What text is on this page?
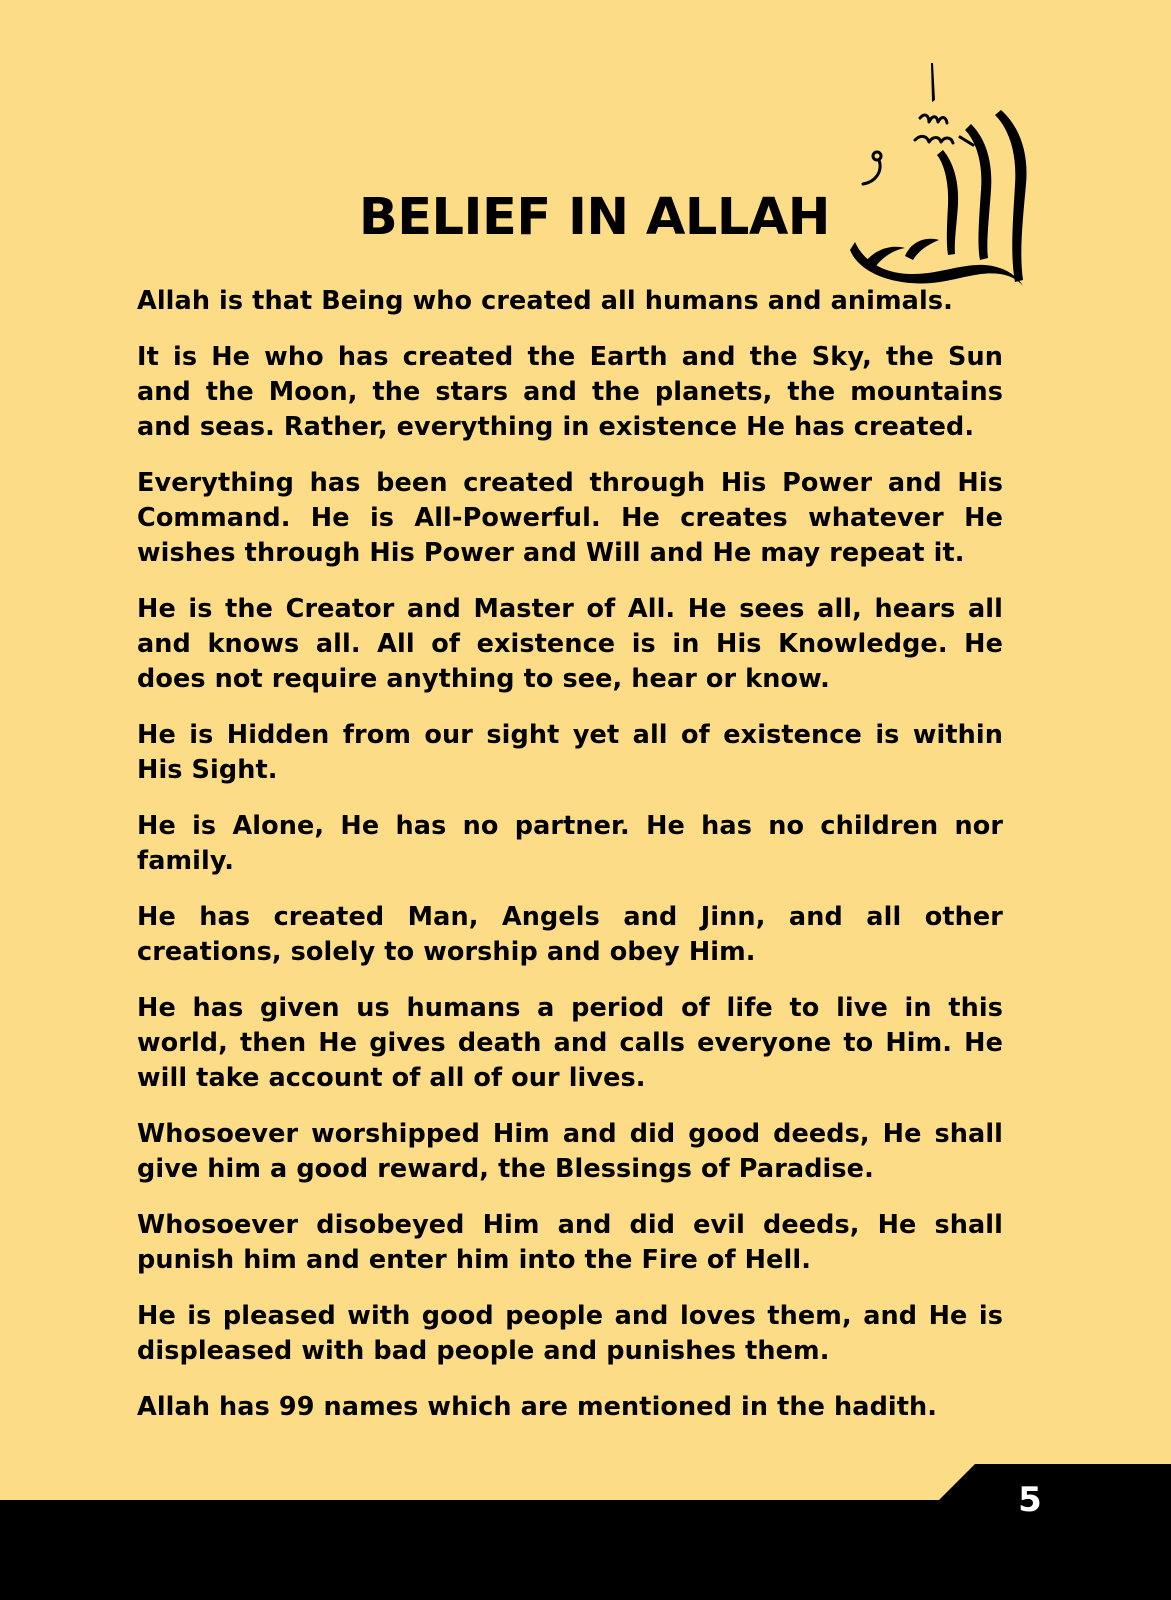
BELIEF IN ALLAH

Allah is that Being who created all humans and animals.

It is He who has created the Earth and the Sky, the Sun and the Moon, the stars and the planets, the mountains and seas. Rather, everything in existence He has created.

Everything has been created through His Power and His Command. He is All-Powerful. He creates whatever He wishes through His Power and Will and He may repeat it.

He is the Creator and Master of All. He sees all, hears all and knows all. All of existence is in His Knowledge. He does not require anything to see, hear or know.

He is Hidden from our sight yet all of existence is within His Sight.

He is Alone, He has no partner. He has no children nor family.

He has created Man, Angels and Jinn, and all other creations, solely to worship and obey Him.

He has given us humans a period of life to live in this world, then He gives death and calls everyone to Him. He will take account of all of our lives.

Whosoever worshipped Him and did good deeds, He shall give him a good reward, the Blessings of Paradise.

Whosoever disobeyed Him and did evil deeds, He shall punish him and enter him into the Fire of Hell.

He is pleased with good people and loves them, and He is displeased with bad people and punishes them.

Allah has 99 names which are mentioned in the hadith.

5
